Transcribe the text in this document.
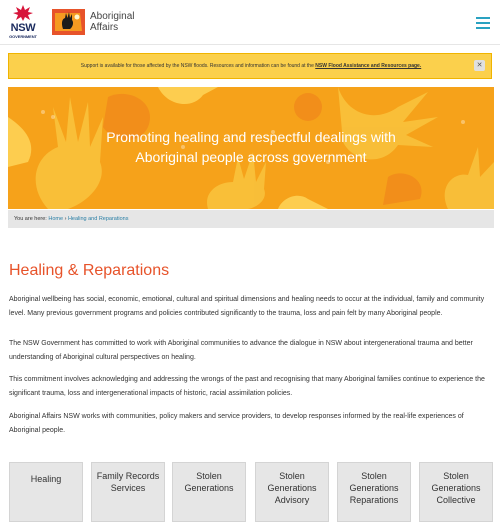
NSW
GOVERNMENT
Aboriginal Affairs
Support is available for those affected by the NSW floods. Resources and information can be found at the NSW Flood Assistance and Resources page.	✕
Promoting healing and respectful dealings with
Aboriginal people across government
You are here: Home › Healing and Reparations
Healing & Reparations

Aboriginal wellbeing has social, economic, emotional, cultural and spiritual dimensions and healing needs to occur at the individual, family and community level. Many previous government programs and policies contributed significantly to the trauma, loss and pain felt by many Aboriginal people.

The NSW Government has committed to work with Aboriginal communities to advance the dialogue in NSW about intergenerational trauma and better understanding of Aboriginal cultural perspectives on healing.

This commitment involves acknowledging and addressing the wrongs of the past and recognising that many Aboriginal families continue to experience the significant trauma, loss and intergenerational impacts of historic, racial assimilation policies.

Aboriginal Affairs NSW works with communities, policy makers and service providers, to develop responses informed by the real-life experiences of Aboriginal people.

Healing	Family Records Services
Stolen Generations
Stolen Generations Advisory
Stolen Generations Reparations
Stolen Generations Collective
